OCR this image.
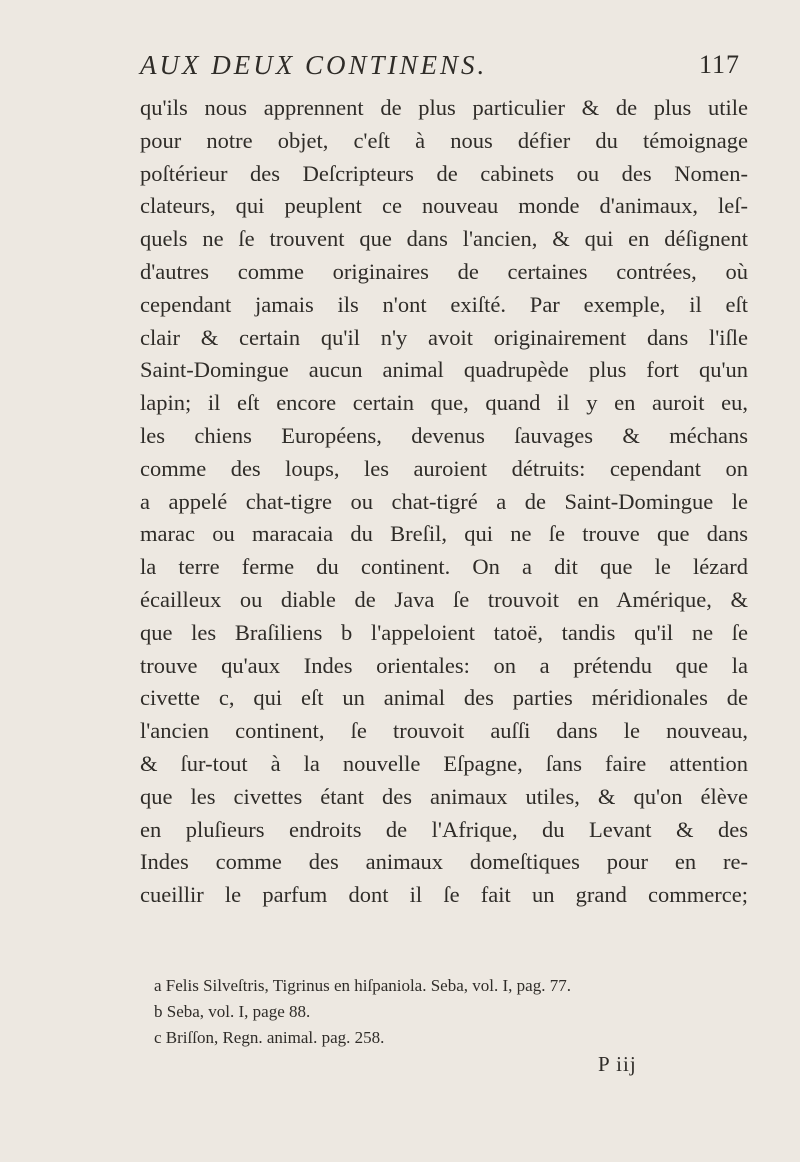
AUX DEUX CONTINENS.	117
qu'ils nous apprennent de plus particulier & de plus utile
pour notre objet, c'eſt à nous défier du témoignage
poſtérieur des Deſcripteurs de cabinets ou des Nomen-
clateurs, qui peuplent ce nouveau monde d'animaux, leſ-
quels ne ſe trouvent que dans l'ancien, & qui en déſignent
d'autres comme originaires de certaines contrées, où
cependant jamais ils n'ont exiſté. Par exemple, il eſt
clair & certain qu'il n'y avoit originairement dans l'iſle
Saint-Domingue aucun animal quadrupède plus fort qu'un
lapin; il eſt encore certain que, quand il y en auroit eu,
les chiens Européens, devenus ſauvages & méchans
comme des loups, les auroient détruits: cependant on
a appelé chat-tigre ou chat-tigré a de Saint-Domingue le
marac ou maracaia du Breſil, qui ne ſe trouve que dans
la terre ferme du continent. On a dit que le lézard
écailleux ou diable de Java ſe trouvoit en Amérique, &
que les Braſiliens b l'appeloient tatoë, tandis qu'il ne ſe
trouve qu'aux Indes orientales: on a prétendu que la
civette c, qui eſt un animal des parties méridionales de
l'ancien continent, ſe trouvoit auſſi dans le nouveau,
& ſur-tout à la nouvelle Eſpagne, ſans faire attention
que les civettes étant des animaux utiles, & qu'on élève
en pluſieurs endroits de l'Afrique, du Levant & des
Indes comme des animaux domeſtiques pour en re-
cueillir le parfum dont il ſe fait un grand commerce;
a Felis Silveſtris, Tigrinus en hiſpaniola. Seba, vol. I, pag. 77.
b Seba, vol. I, page 88.
c Briſſon, Regn. animal. pag. 258.
P iij
